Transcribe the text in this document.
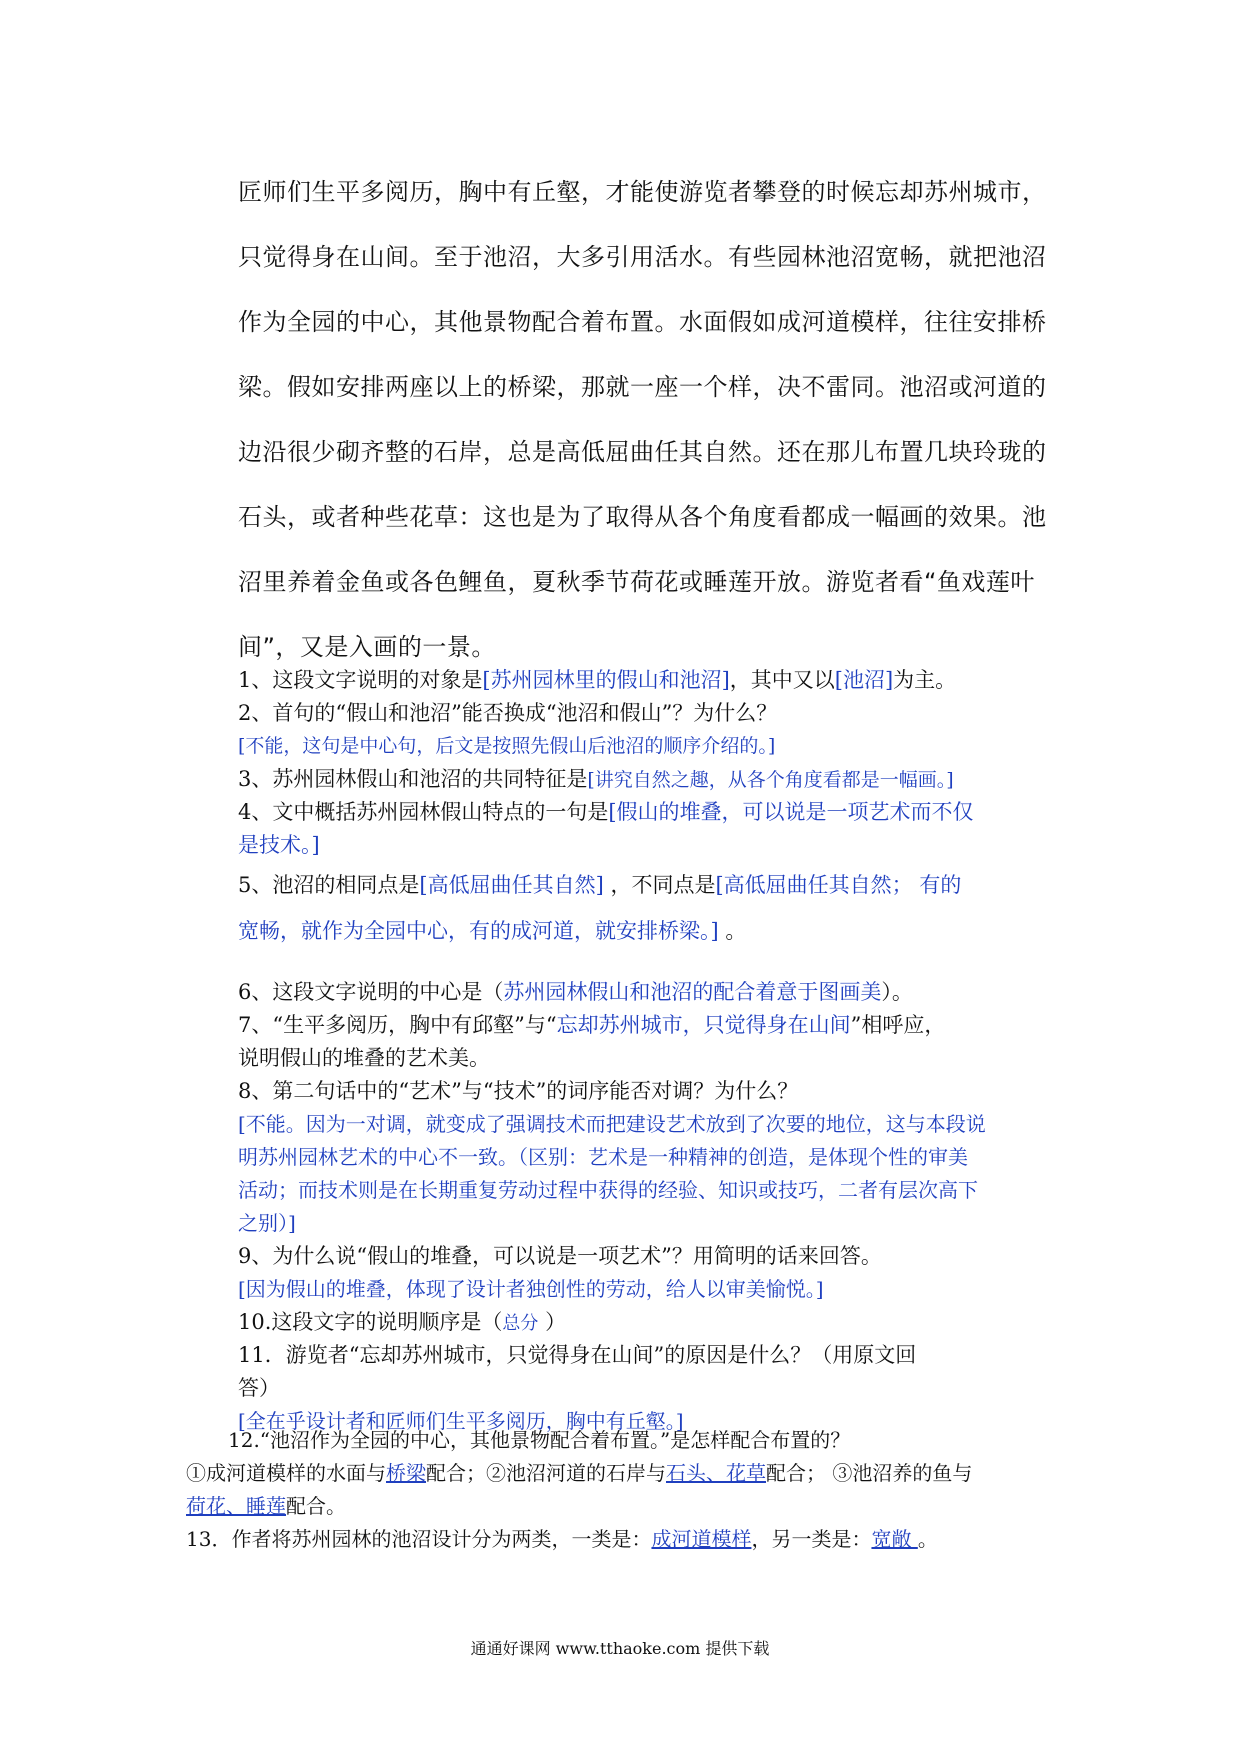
匠师们生平多阅历，胸中有丘壑，才能使游览者攀登的时候忘却苏州城市，
只觉得身在山间。至于池沼，大多引用活水。有些园林池沼宽畅，就把池沼
作为全园的中心，其他景物配合着布置。水面假如成河道模样，往往安排桥
梁。假如安排两座以上的桥梁，那就一座一个样，决不雷同。池沼或河道的
边沿很少砌齐整的石岸，总是高低屈曲任其自然。还在那儿布置几块玲珑的
石头，或者种些花草：这也是为了取得从各个角度看都成一幅画的效果。池
沼里养着金鱼或各色鲤鱼，夏秋季节荷花或睡莲开放。游览者看“鱼戏莲叶
间”，又是入画的一景。
1、这段文字说明的对象是[苏州园林里的假山和池沼]，其中又以[池沼]为主。
2、首句的“假山和池沼”能否换成“池沼和假山”？为什么？
[不能，这句是中心句，后文是按照先假山后池沼的顺序介绍的。]
3、苏州园林假山和池沼的共同特征是[讲究自然之趣，从各个角度看都是一幅画。]
4、文中概括苏州园林假山特点的一句是[假山的堆叠，可以说是一项艺术而不仅
是技术。]
5、池沼的相同点是[高低屈曲任其自然] ，不同点是[高低屈曲任其自然； 有的
宽畅，就作为全园中心，有的成河道，就安排桥梁。] 。
6、这段文字说明的中心是（苏州园林假山和池沼的配合着意于图画美）。
7、“生平多阅历，胸中有邱壑”与“忘却苏州城市，只觉得身在山间”相呼应，
说明假山的堆叠的艺术美。
8、第二句话中的“艺术”与“技术”的词序能否对调？为什么？
[不能。因为一对调，就变成了强调技术而把建设艺术放到了次要的地位，这与本段说
明苏州园林艺术的中心不一致。（区别：艺术是一种精神的创造，是体现个性的审美
活动；而技术则是在长期重复劳动过程中获得的经验、知识或技巧，二者有层次高下
之别）]
9、为什么说“假山的堆叠，可以说是一项艺术”？用简明的话来回答。
[因为假山的堆叠，体现了设计者独创性的劳动，给人以审美愉悦。]
10.这段文字的说明顺序是（总分 ）
11．游览者“忘却苏州城市，只觉得身在山间”的原因是什么？（用原文回
答）
[全在乎设计者和匠师们生平多阅历，胸中有丘壑。]
12.“池沼作为全园的中心，其他景物配合着布置。”是怎样配合布置的？
①成河道模样的水面与桥梁配合；②池沼河道的石岸与石头、花草配合； ③池沼养的鱼与
荷花、睡莲配合。
13．作者将苏州园林的池沼设计分为两类，一类是：成河道模样，另一类是：宽敞 。
通通好课网 www.tthaoke.com 提供下载
